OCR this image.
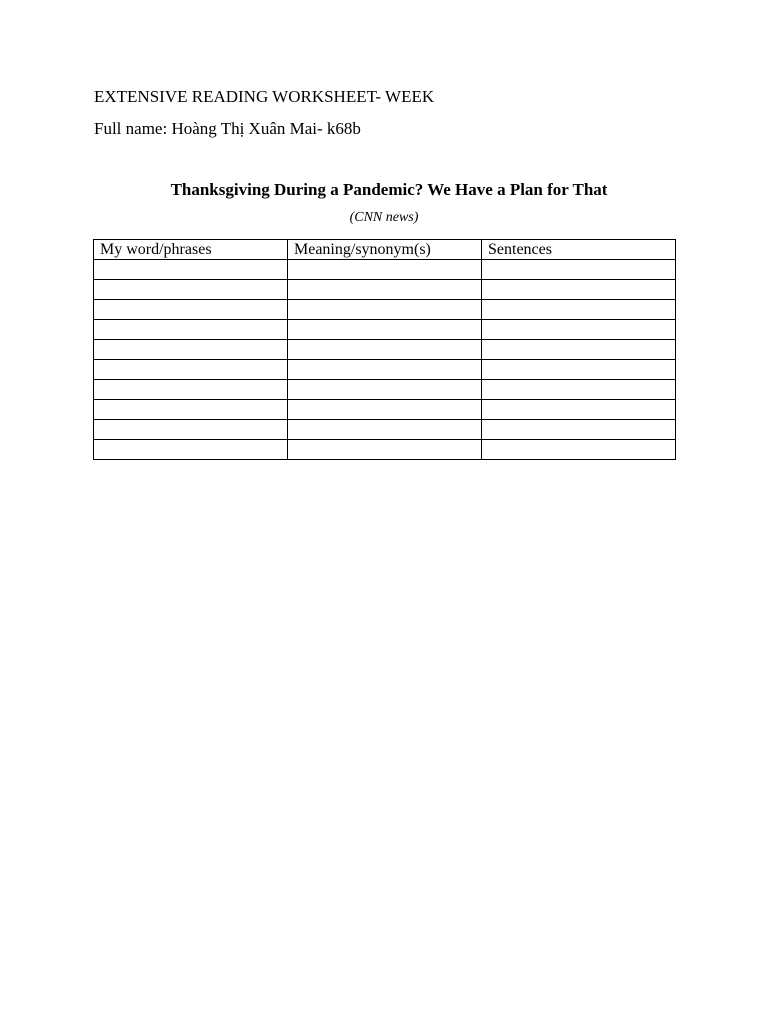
EXTENSIVE READING WORKSHEET- WEEK
Full name: Hoàng Thị Xuân Mai- k68b
Thanksgiving During a Pandemic? We Have a Plan for That
(CNN news)
My word/phrases	Meaning/synonym(s)	Sentences
